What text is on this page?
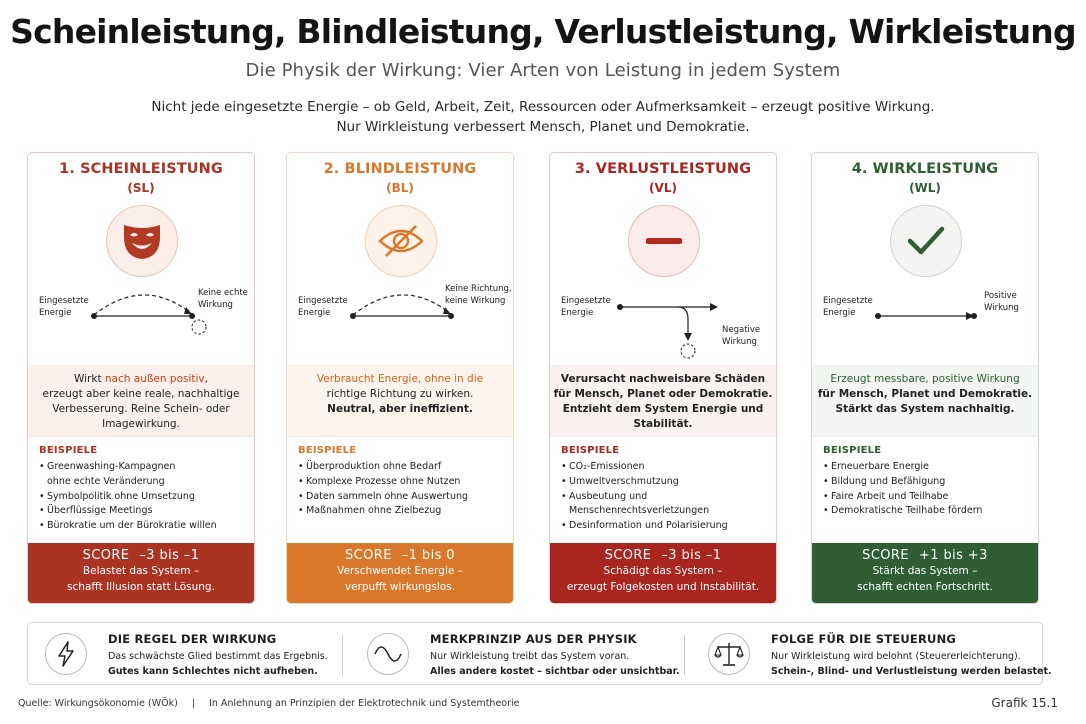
Scheinleistung, Blindleistung, Verlustleistung, Wirkleistung
Die Physik der Wirkung: Vier Arten von Leistung in jedem System
Nicht jede eingesetzte Energie – ob Geld, Arbeit, Zeit, Ressourcen oder Aufmerksamkeit – erzeugt positive Wirkung.
Nur Wirkleistung verbessert Mensch, Planet und Demokratie.
1. SCHEINLEISTUNG
(SL)
Eingesetzte
Energie
Keine echte
Wirkung
Wirkt nach außen positiv,
erzeugt aber keine reale, nachhaltige
Verbesserung. Reine Schein- oder
Imagewirkung.
BEISPIELE
• Greenwashing-Kampagnen
ohne echte Veränderung
• Symbolpolitik ohne Umsetzung
• Überflüssige Meetings
• Bürokratie um der Bürokratie willen
SCORE –3 bis –1
Belastet das System –
schafft Illusion statt Lösung.
2. BLINDLEISTUNG
(BL)
Eingesetzte
Energie
Keine Richtung,
keine Wirkung
Verbraucht Energie, ohne in die
richtige Richtung zu wirken.
Neutral, aber ineffizient.
BEISPIELE
• Überproduktion ohne Bedarf
• Komplexe Prozesse ohne Nutzen
• Daten sammeln ohne Auswertung
• Maßnahmen ohne Zielbezug
SCORE –1 bis 0
Verschwendet Energie –
verpufft wirkungslos.
3. VERLUSTLEISTUNG
(VL)
Eingesetzte
Energie
Negative
Wirkung
Verursacht nachweisbare Schäden
für Mensch, Planet oder Demokratie.
Entzieht dem System Energie und Stabilität.
BEISPIELE
• CO₂-Emissionen
• Umweltverschmutzung
• Ausbeutung und Menschenrechtsverletzungen
• Desinformation und Polarisierung
SCORE –3 bis –1
Schädigt das System –
erzeugt Folgekosten und Instabilität.
4. WIRKLEISTUNG
(WL)
Eingesetzte
Energie
Positive
Wirkung
Erzeugt messbare, positive Wirkung
für Mensch, Planet und Demokratie.
Stärkt das System nachhaltig.
BEISPIELE
• Erneuerbare Energie
• Bildung und Befähigung
• Faire Arbeit und Teilhabe
• Demokratische Teilhabe fördern
SCORE +1 bis +3
Stärkt das System –
schafft echten Fortschritt.
DIE REGEL DER WIRKUNG
Das schwächste Glied bestimmt das Ergebnis.
Gutes kann Schlechtes nicht aufheben.
MERKPRINZIP AUS DER PHYSIK
Nur Wirkleistung treibt das System voran.
Alles andere kostet – sichtbar oder unsichtbar.
FOLGE FÜR DIE STEUERUNG
Nur Wirkleistung wird belohnt (Steuererleichterung).
Schein-, Blind- und Verlustleistung werden belastet.
Quelle: Wirkungsökonomie (WÖk) | In Anlehnung an Prinzipien der Elektrotechnik und Systemtheorie	Grafik 15.1
